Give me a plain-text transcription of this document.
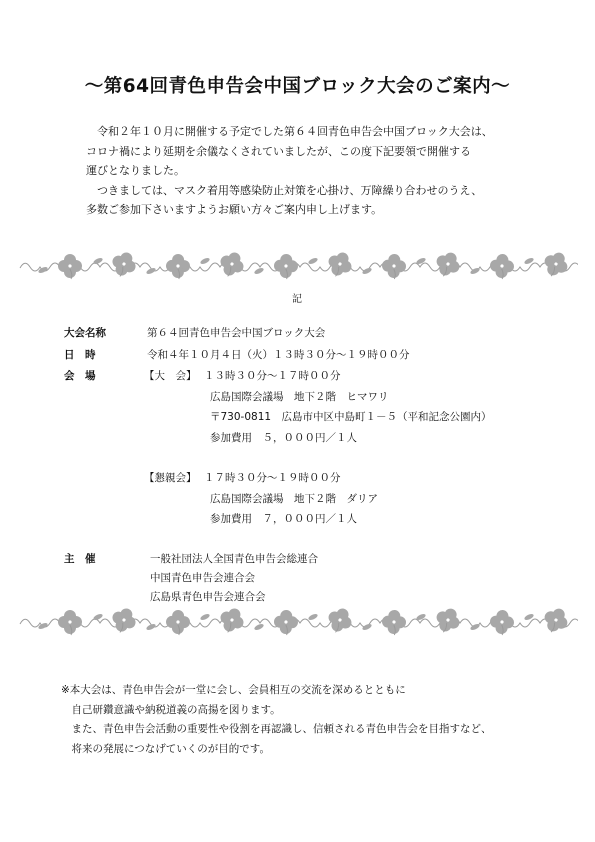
～第64回青色申告会中国ブロック大会のご案内～
　令和２年１０月に開催する予定でした第６４回青色申告会中国ブロック大会は、
コロナ禍により延期を余儀なくされていましたが、この度下記要領で開催する
運びとなりました。
　つきましては、マスク着用等感染防止対策を心掛け、万障繰り合わせのうえ、
多数ご参加下さいますようお願い方々ご案内申し上げます。
記
大会名称	第６４回青色申告会中国ブロック大会
日　時	令和４年１０月４日（火）１３時３０分～１９時００分
会　場	【大　会】 １３時３０分～１７時００分
広島国際会議場　地下２階　ヒマワリ
〒730-0811　広島市中区中島町１－５（平和記念公園内）
参加費用　５，０００円／１人
【懇親会】 １７時３０分～１９時００分
広島国際会議場　地下２階　ダリア
参加費用　７，０００円／１人
主　催	一般社団法人全国青色申告会総連合
中国青色申告会連合会
広島県青色申告会連合会
※本大会は、青色申告会が一堂に会し、会員相互の交流を深めるとともに
　自己研鑽意識や納税道義の高揚を図ります。
　また、青色申告会活動の重要性や役割を再認識し、信頼される青色申告会を目指すなど、
　将来の発展につなげていくのが目的です。
